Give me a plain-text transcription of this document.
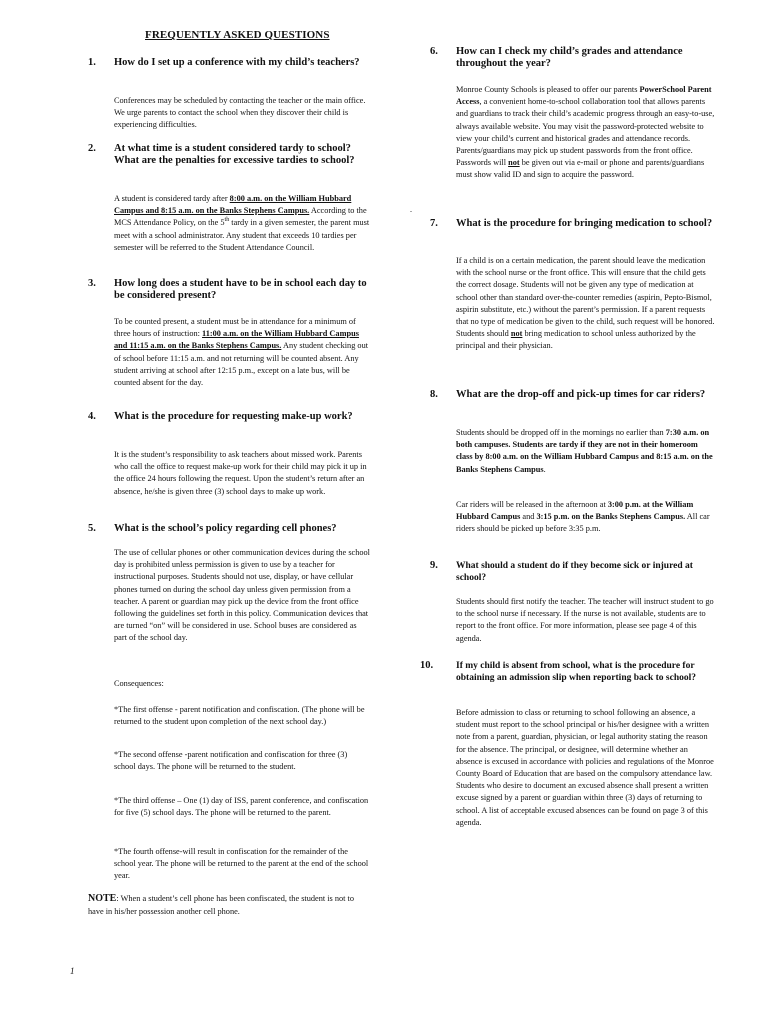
FREQUENTLY ASKED QUESTIONS
.
1. How do I set up a conference with my child’s teachers?
Conferences may be scheduled by contacting the teacher or the main office. We urge parents to contact the school when they discover their child is experiencing difficulties.
2. At what time is a student considered tardy to school? What are the penalties for excessive tardies to school?
A student is considered tardy after 8:00 a.m. on the William Hubbard Campus and 8:15 a.m. on the Banks Stephens Campus. According to the MCS Attendance Policy, on the 5th tardy in a given semester, the parent must meet with a school administrator. Any student that exceeds 10 tardies per semester will be referred to the Student Attendance Council.
3. How long does a student have to be in school each day to be considered present?
To be counted present, a student must be in attendance for a minimum of three hours of instruction: 11:00 a.m. on the William Hubbard Campus and 11:15 a.m. on the Banks Stephens Campus. Any student checking out of school before 11:15 a.m. and not returning will be counted absent. Any student arriving at school after 12:15 p.m., except on a late bus, will be counted absent for the day.
4. What is the procedure for requesting make-up work?
It is the student’s responsibility to ask teachers about missed work. Parents who call the office to request make-up work for their child may pick it up in the office 24 hours following the request. Upon the student’s return after an absence, he/she is given three (3) school days to make up work.
5. What is the school’s policy regarding cell phones?
The use of cellular phones or other communication devices during the school day is prohibited unless permission is given to use by a teacher for instructional purposes. Students should not use, display, or have cellular phones turned on during the school day unless given permission from a teacher. A parent or guardian may pick up the device from the front office following the guidelines set forth in this policy. Communication devices that are turned “on” will be considered in use. School buses are considered as part of the school day.
Consequences:
*The first offense - parent notification and confiscation. (The phone will be returned to the student upon completion of the next school day.)
*The second offense -parent notification and confiscation for three (3) school days. The phone will be returned to the student.
*The third offense – One (1) day of ISS, parent conference, and confiscation for five (5) school days. The phone will be returned to the parent.
*The fourth offense-will result in confiscation for the remainder of the school year. The phone will be returned to the parent at the end of the school year.
NOTE: When a student’s cell phone has been confiscated, the student is not to have in his/her possession another cell phone.
6. How can I check my child’s grades and attendance throughout the year?
Monroe County Schools is pleased to offer our parents PowerSchool Parent Access, a convenient home-to-school collaboration tool that allows parents and guardians to track their child’s academic progress through an easy-to-use, always available website. You may visit the password-protected website to view your child’s current and historical grades and attendance records. Parents/guardians may pick up student passwords from the front office. Passwords will not be given out via e-mail or phone and parents/guardians must show valid ID and sign to acquire the password.
7. What is the procedure for bringing medication to school?
If a child is on a certain medication, the parent should leave the medication with the school nurse or the front office. This will ensure that the child gets the correct dosage. Students will not be given any type of medication at school other than standard over-the-counter remedies (aspirin, Pepto-Bismol, aspirin substitute, etc.) without the parent’s permission. If a parent requests that no type of medication be given to the child, such request will be honored. Students should not bring medication to school unless authorized by the principal and their physician.
8. What are the drop-off and pick-up times for car riders?
Students should be dropped off in the mornings no earlier than 7:30 a.m. on both campuses. Students are tardy if they are not in their homeroom class by 8:00 a.m. on the William Hubbard Campus and 8:15 a.m. on the Banks Stephens Campus.
Car riders will be released in the afternoon at 3:00 p.m. at the William Hubbard Campus and 3:15 p.m. on the Banks Stephens Campus. All car riders should be picked up before 3:35 p.m.
9. What should a student do if they become sick or injured at school?
Students should first notify the teacher. The teacher will instruct student to go to the school nurse if necessary. If the nurse is not available, students are to report to the front office. For more information, please see page 4 of this agenda.
10. If my child is absent from school, what is the procedure for obtaining an admission slip when reporting back to school?
Before admission to class or returning to school following an absence, a student must report to the school principal or his/her designee with a written note from a parent, guardian, physician, or legal authority stating the reason for the absence. The principal, or designee, will determine whether an absence is excused in accordance with policies and regulations of the Monroe County Board of Education that are based on the compulsory attendance law. Students who desire to document an excused absence shall present a written excuse signed by a parent or guardian within three (3) days of returning to school. A list of acceptable excused absences can be found on page 3 of this agenda.
1
